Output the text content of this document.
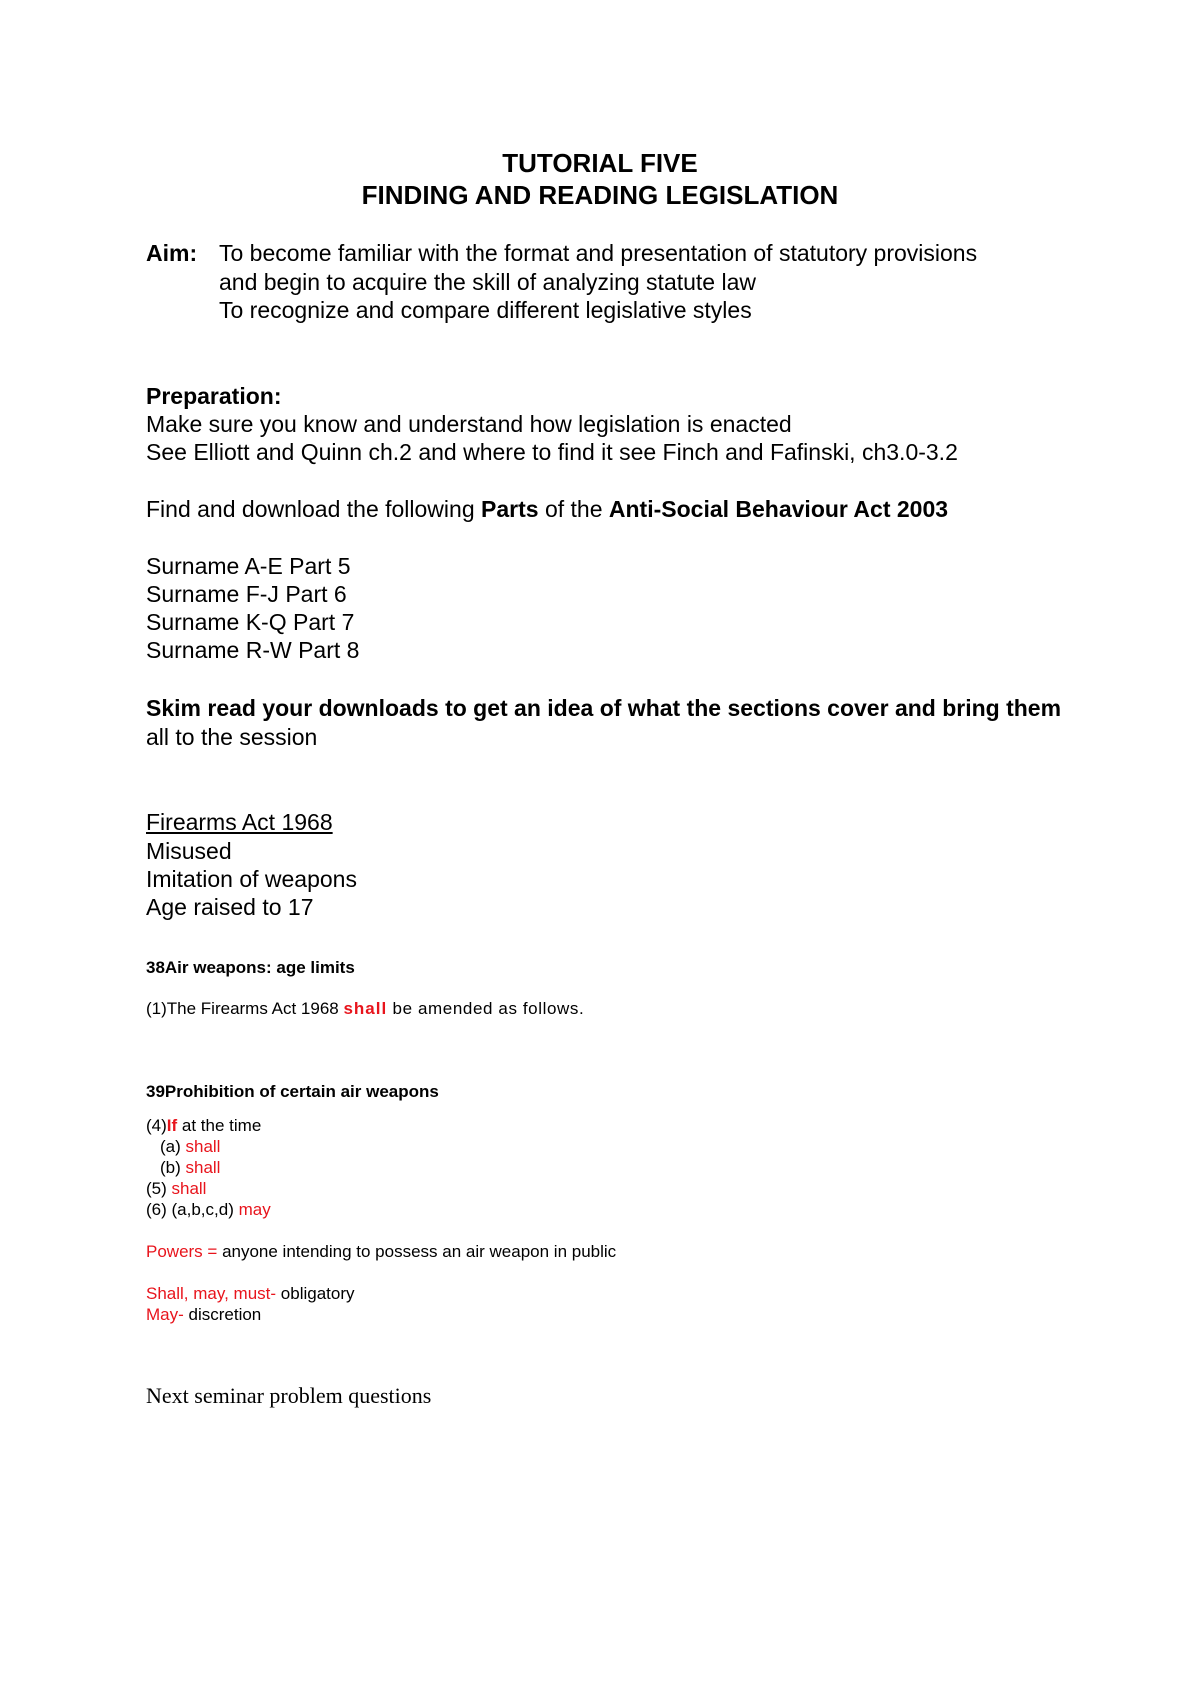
TUTORIAL FIVE
FINDING AND READING LEGISLATION
Aim: To become familiar with the format and presentation of statutory provisions
and begin to acquire the skill of analyzing statute law
To recognize and compare different legislative styles
Preparation:
Make sure you know and understand how legislation is enacted
See Elliott and Quinn ch.2 and where to find it see Finch and Fafinski, ch3.0-3.2
Find and download the following Parts of the Anti-Social Behaviour Act 2003
Surname A-E Part 5
Surname F-J Part 6
Surname K-Q Part 7
Surname R-W Part 8
Skim read your downloads to get an idea of what the sections cover and bring them
all to the session
Firearms Act 1968
Misused
Imitation of weapons
Age raised to 17
38Air weapons: age limits
(1)The Firearms Act 1968 shall be amended as follows.
39Prohibition of certain air weapons
(4)If at the time
(a) shall
(b) shall
(5) shall
(6) (a,b,c,d) may
Powers = anyone intending to possess an air weapon in public
Shall, may, must- obligatory
May- discretion
Next seminar problem questions
